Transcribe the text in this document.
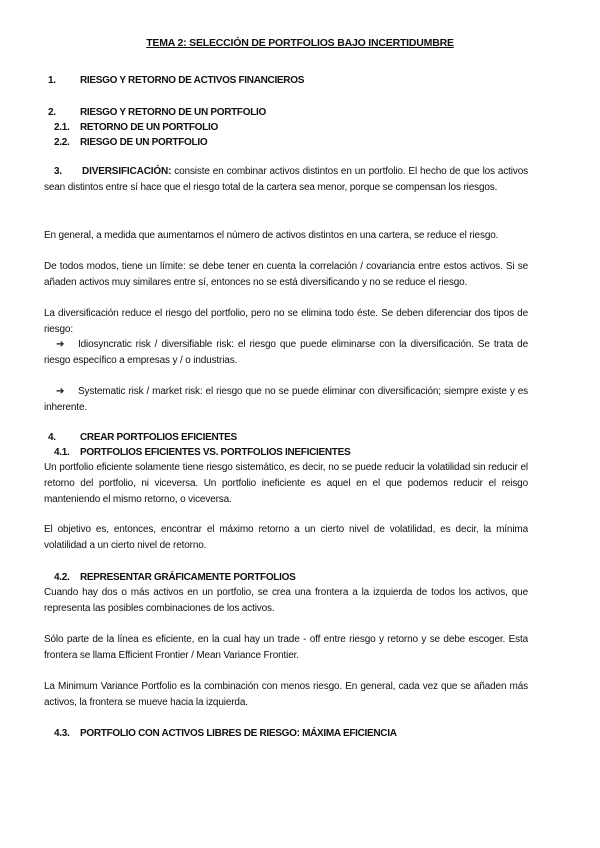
TEMA 2: SELECCIÓN DE PORTFOLIOS BAJO INCERTIDUMBRE
1. RIESGO Y RETORNO DE ACTIVOS FINANCIEROS
2. RIESGO Y RETORNO DE UN PORTFOLIO
2.1. RETORNO DE UN PORTFOLIO
2.2. RIESGO DE UN PORTFOLIO
3. DIVERSIFICACIÓN: consiste en combinar activos distintos en un portfolio. El hecho de que los activos sean distintos entre sí hace que el riesgo total de la cartera sea menor, porque se compensan los riesgos.
En general, a medida que aumentamos el número de activos distintos en una cartera, se reduce el riesgo.
De todos modos, tiene un límite: se debe tener en cuenta la correlación / covariancia entre estos activos. Si se añaden activos muy similares entre sí, entonces no se está diversificando y no se reduce el riesgo.
La diversificación reduce el riesgo del portfolio, pero no se elimina todo éste. Se deben diferenciar dos tipos de riesgo:
➔ Idiosyncratic risk / diversifiable risk: el riesgo que puede eliminarse con la diversificación. Se trata de riesgo específico a empresas y / o industrias.
➔ Systematic risk / market risk: el riesgo que no se puede eliminar con diversificación; siempre existe y es inherente.
4. CREAR PORTFOLIOS EFICIENTES
4.1. PORTFOLIOS EFICIENTES VS. PORTFOLIOS INEFICIENTES
Un portfolio eficiente solamente tiene riesgo sistemático, es decir, no se puede reducir la volatilidad sin reducir el retorno del portfolio, ni viceversa. Un portfolio ineficiente es aquel en el que podemos reducir el reisgo manteniendo el mismo retorno, o viceversa.
El objetivo es, entonces, encontrar el máximo retorno a un cierto nivel de volatilidad, es decir, la mínima volatilidad a un cierto nivel de retorno.
4.2. REPRESENTAR GRÁFICAMENTE PORTFOLIOS
Cuando hay dos o más activos en un portfolio, se crea una frontera a la izquierda de todos los activos, que representa las posibles combinaciones de los activos.
Sólo parte de la línea es eficiente, en la cual hay un trade - off entre riesgo y retorno y se debe escoger. Esta frontera se llama Efficient Frontier / Mean Variance Frontier.
La Minimum Variance Portfolio es la combinación con menos riesgo. En general, cada vez que se añaden más activos, la frontera se mueve hacia la izquierda.
4.3. PORTFOLIO CON ACTIVOS LIBRES DE RIESGO: MÁXIMA EFICIENCIA
